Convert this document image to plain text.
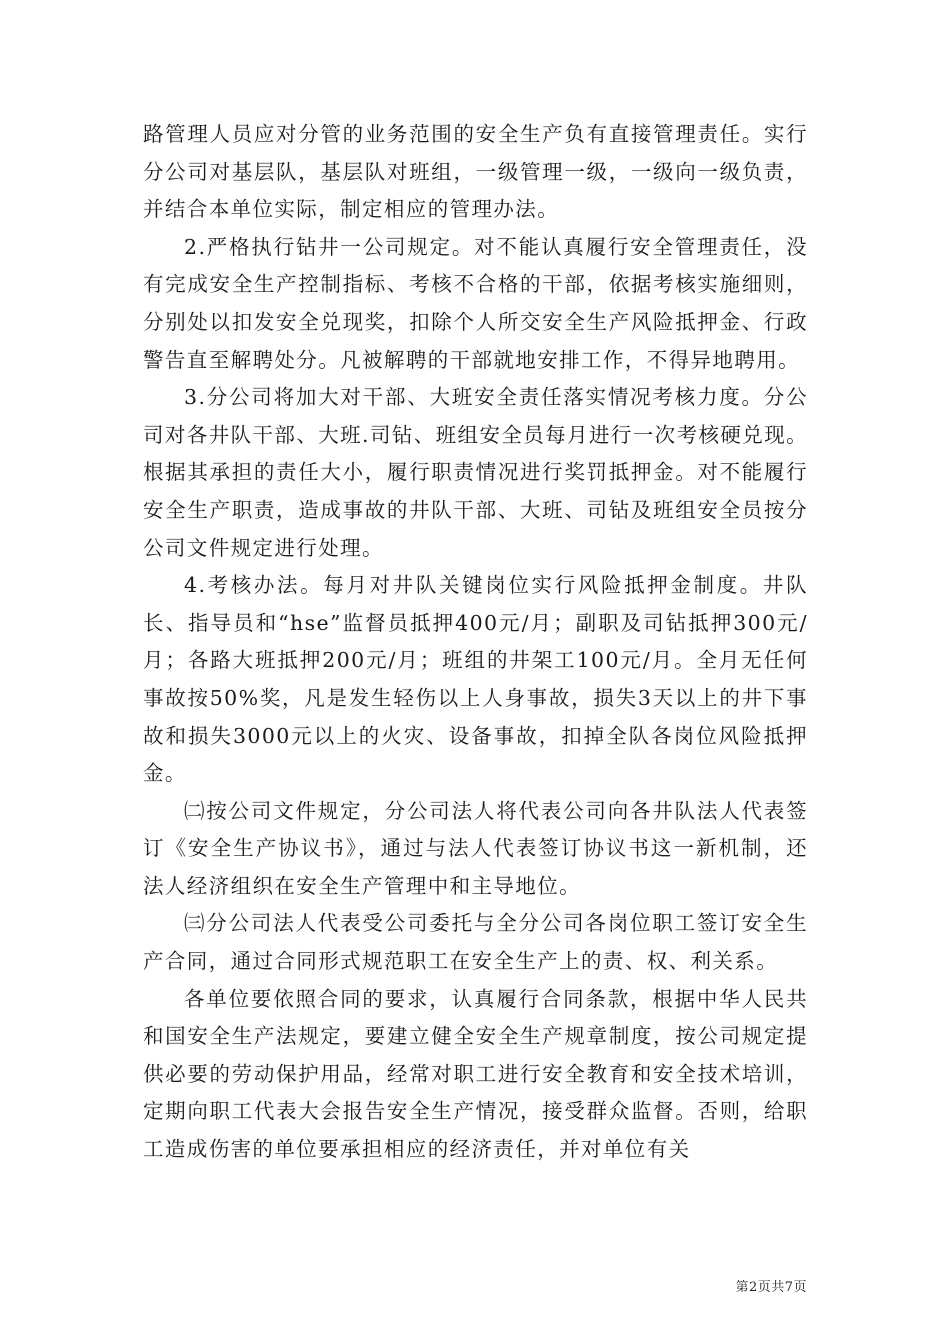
路管理人员应对分管的业务范围的安全生产负有直接管理责任。实行分公司对基层队，基层队对班组，一级管理一级，一级向一级负责，并结合本单位实际，制定相应的管理办法。

2.严格执行钻井一公司规定。对不能认真履行安全管理责任，没有完成安全生产控制指标、考核不合格的干部，依据考核实施细则，分别处以扣发安全兑现奖，扣除个人所交安全生产风险抵押金、行政警告直至解聘处分。凡被解聘的干部就地安排工作，不得异地聘用。

3.分公司将加大对干部、大班安全责任落实情况考核力度。分公司对各井队干部、大班.司钻、班组安全员每月进行一次考核硬兑现。根据其承担的责任大小，履行职责情况进行奖罚抵押金。对不能履行安全生产职责，造成事故的井队干部、大班、司钻及班组安全员按分公司文件规定进行处理。

4.考核办法。每月对井队关键岗位实行风险抵押金制度。井队长、指导员和“hse”监督员抵押400元/月；副职及司钻抵押300元/月；各路大班抵押200元/月；班组的井架工100元/月。全月无任何事故按50%奖，凡是发生轻伤以上人身事故，损失3天以上的井下事故和损失3000元以上的火灾、设备事故，扣掉全队各岗位风险抵押金。

㈡按公司文件规定，分公司法人将代表公司向各井队法人代表签订《安全生产协议书》，通过与法人代表签订协议书这一新机制，还法人经济组织在安全生产管理中和主导地位。

㈢分公司法人代表受公司委托与全分公司各岗位职工签订安全生产合同，通过合同形式规范职工在安全生产上的责、权、利关系。

各单位要依照合同的要求，认真履行合同条款，根据中华人民共和国安全生产法规定，要建立健全安全生产规章制度，按公司规定提供必要的劳动保护用品，经常对职工进行安全教育和安全技术培训，定期向职工代表大会报告安全生产情况，接受群众监督。否则，给职工造成伤害的单位要承担相应的经济责任，并对单位有关

第2页共7页
